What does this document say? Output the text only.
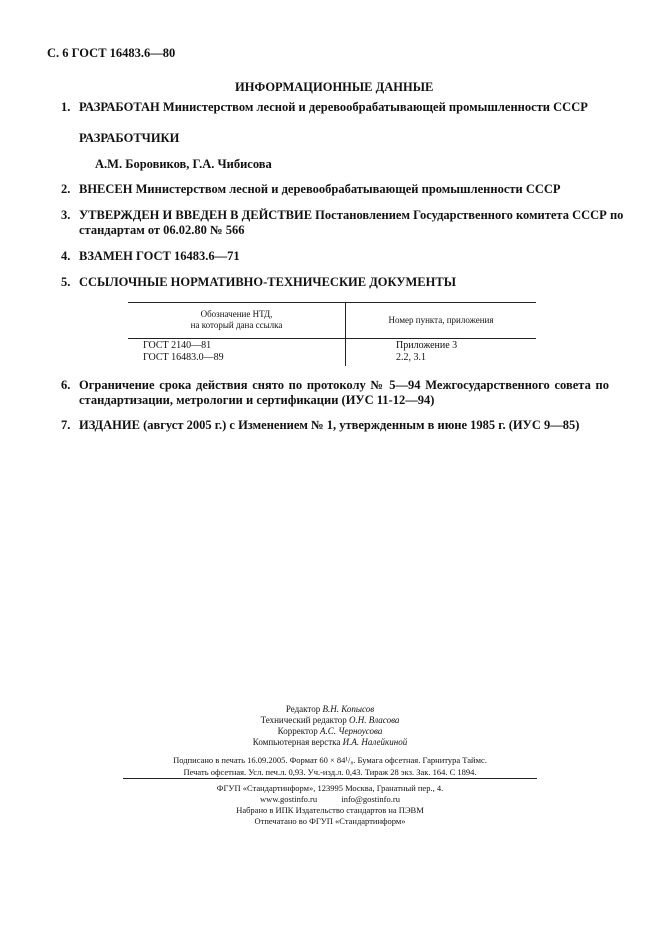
С. 6 ГОСТ 16483.6—80
ИНФОРМАЦИОННЫЕ ДАННЫЕ
1. РАЗРАБОТАН Министерством лесной и деревообрабатывающей промышленности СССР
РАЗРАБОТЧИКИ
А.М. Боровиков, Г.А. Чибисова
2. ВНЕСЕН Министерством лесной и деревообрабатывающей промышленности СССР
3. УТВЕРЖДЕН И ВВЕДЕН В ДЕЙСТВИЕ Постановлением Государственного комитета СССР по
стандартам от 06.02.80 № 566
4. ВЗАМЕН ГОСТ 16483.6—71
5. ССЫЛОЧНЫЕ НОРМАТИВНО-ТЕХНИЧЕСКИЕ ДОКУМЕНТЫ
Обозначение НТД,
на который дана ссылка	Номер пункта, приложения
ГОСТ 2140—81	Приложение 3
ГОСТ 16483.0—89	2.2, 3.1
6. Ограничение срока действия снято по протоколу № 5—94 Межгосударственного совета по
стандартизации, метрологии и сертификации (ИУС 11-12—94)
7. ИЗДАНИЕ (август 2005 г.) с Изменением № 1, утвержденным в июне 1985 г. (ИУС 9—85)
Редактор В.Н. Копысов
Технический редактор О.Н. Власова
Корректор А.С. Черноусова
Компьютерная верстка И.А. Налейкиной
Подписано в печать 16.09.2005. Формат 60 × 84¹/₈. Бумага офсетная. Гарнитура Таймс.
Печать офсетная. Усл. печ.л. 0,93. Уч.-изд.л. 0,43. Тираж 28 экз. Зак. 164. С 1894.
ФГУП «Стандартинформ», 123995 Москва, Гранатный пер., 4.
www.gostinfo.ru	info@gostinfo.ru
Набрано в ИПК Издательство стандартов на ПЭВМ
Отпечатано во ФГУП «Стандартинформ»
